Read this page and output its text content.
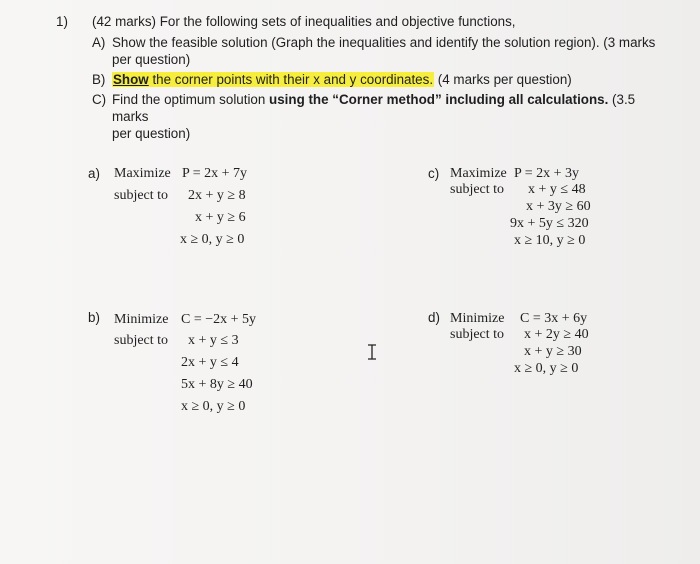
1) (42 marks) For the following sets of inequalities and objective functions,
A) Show the feasible solution (Graph the inequalities and identify the solution region). (3 marks
per question)
B) Show the corner points with their x and y coordinates. (4 marks per question)
C) Find the optimum solution using the “Corner method” including all calculations. (3.5 marks
per question)
a) Maximize P = 2x + 7y
subject to 2x + y ≥ 8
x + y ≥ 6
x ≥ 0, y ≥ 0
c) Maximize P = 2x + 3y
subject to x + y ≤ 48
x + 3y ≥ 60
9x + 5y ≤ 320
x ≥ 10, y ≥ 0
b) Minimize C = −2x + 5y
subject to x + y ≤ 3
2x + y ≤ 4
5x + 8y ≥ 40
x ≥ 0, y ≥ 0
d) Minimize C = 3x + 6y
subject to x + 2y ≥ 40
x + y ≥ 30
x ≥ 0, y ≥ 0
